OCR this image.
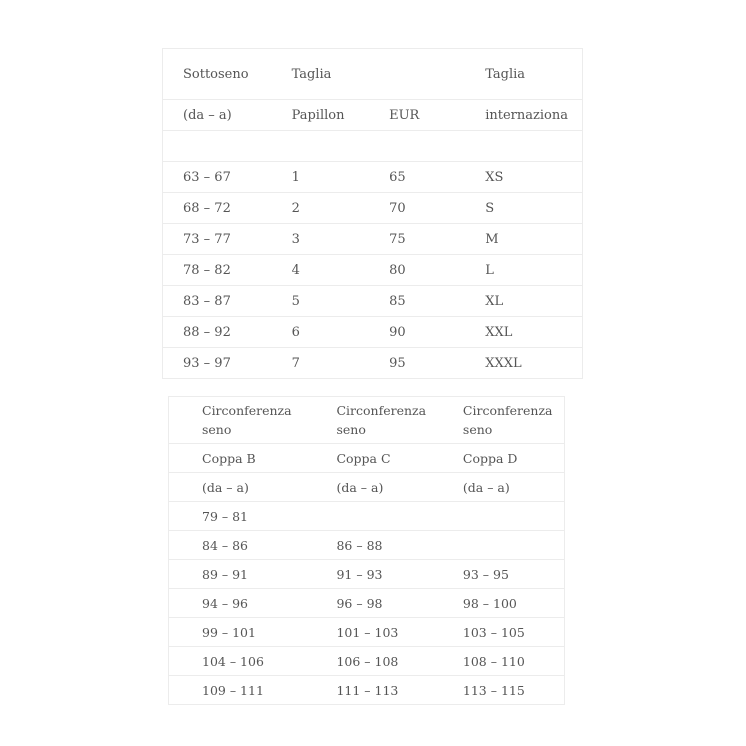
Sottoseno	Taglia		Taglia
(da – a)	Papillon	EUR	internaziona

63 – 67	1	65	XS
68 – 72	2	70	S
73 – 77	3	75	M
78 – 82	4	80	L
83 – 87	5	85	XL
88 – 92	6	90	XXL
93 – 97	7	95	XXXL
Circonferenza seno	Circonferenza seno	Circonferenza seno
Coppa B	Coppa C	Coppa D
(da – a)	(da – a)	(da – a)
79 – 81		
84 – 86	86 – 88	
89 – 91	91 – 93	93 – 95
94 – 96	96 – 98	98 – 100
99 – 101	101 – 103	103 – 105
104 – 106	106 – 108	108 – 110
109 – 111	111 – 113	113 – 115
